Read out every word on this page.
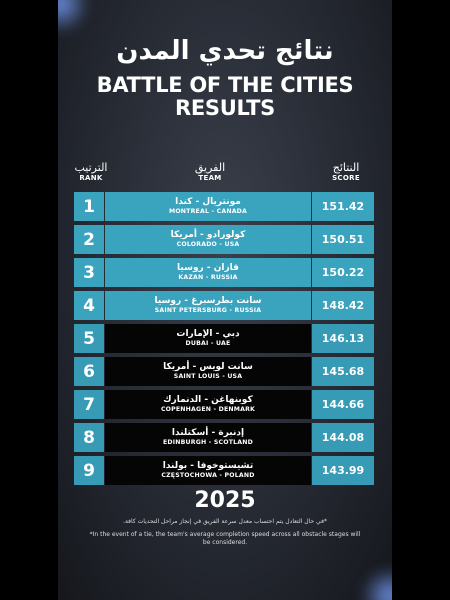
نتائج تحدي المدن
BATTLE OF THE CITIES
RESULTS
الترتيب
RANK
الفريق
TEAM
النتائج
SCORE
1	مونتريال - كندا
MONTREAL - CANADA	151.42
2	كولورادو - أمريكا
COLORADO - USA	150.51
3	قازان - روسيا
KAZAN - RUSSIA	150.22
4	سانت بطرسبرغ - روسيا
SAINT PETERSBURG - RUSSIA	148.42
5	دبي - الإمارات
DUBAI - UAE	146.13
6	سانت لويس - أمريكا
SAINT LOUIS - USA	145.68
7	كوبنهاغن - الدنمارك
COPENHAGEN - DENMARK	144.66
8	إدنبرة - أسكتلندا
EDINBURGH - SCOTLAND	144.08
9	تشيستوخوفا - بولندا
CZĘSTOCHOWA - POLAND	143.99
2025
*في حال التعادل يتم احتساب معدل سرعة الفريق في إنجاز مراحل التحديات كافة.
*In the event of a tie, the team's average completion speed across all obstacle stages will be considered.
